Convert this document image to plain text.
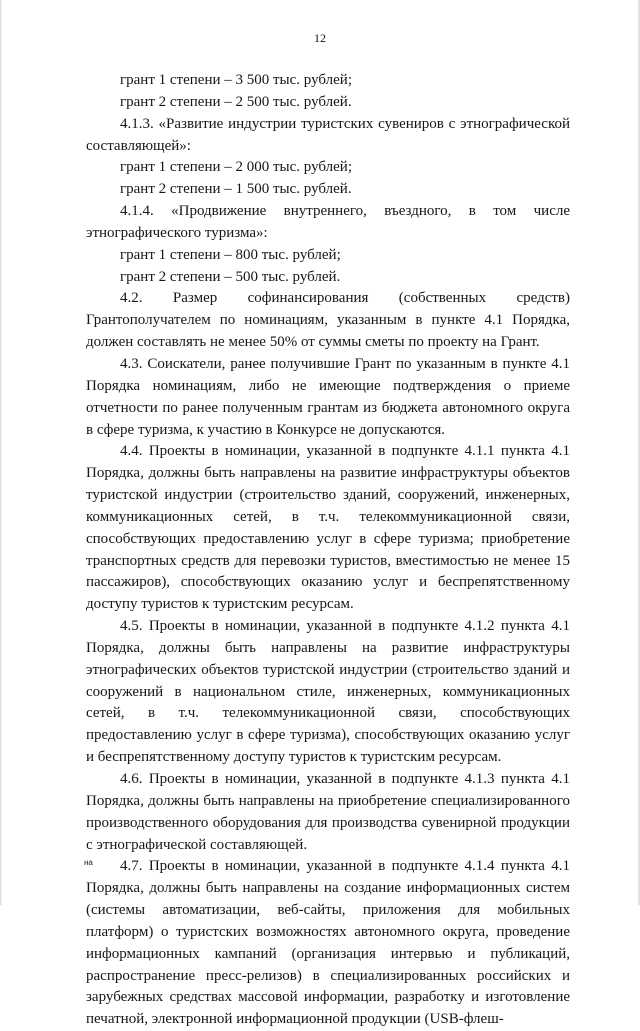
12

грант 1 степени – 3 500 тыс. рублей;

грант 2 степени – 2 500 тыс. рублей.

4.1.3. «Развитие индустрии туристских сувениров с этнографической составляющей»:

грант 1 степени – 2 000 тыс. рублей;

грант 2 степени – 1 500 тыс. рублей.

4.1.4. «Продвижение внутреннего, въездного, в том числе этнографического туризма»:

грант 1 степени – 800 тыс. рублей;

грант 2 степени – 500 тыс. рублей.

4.2. Размер софинансирования (собственных средств) Грантополучателем по номинациям, указанным в пункте 4.1 Порядка, должен составлять не менее 50% от суммы сметы по проекту на Грант.

4.3. Соискатели, ранее получившие Грант по указанным в пункте 4.1 Порядка номинациям, либо не имеющие подтверждения о приеме отчетности по ранее полученным грантам из бюджета автономного округа в сфере туризма, к участию в Конкурсе не допускаются.

4.4. Проекты в номинации, указанной в подпункте 4.1.1 пункта 4.1 Порядка, должны быть направлены на развитие инфраструктуры объектов туристской индустрии (строительство зданий, сооружений, инженерных, коммуникационных сетей, в т.ч. телекоммуникационной связи, способствующих предоставлению услуг в сфере туризма; приобретение транспортных средств для перевозки туристов, вместимостью не менее 15 пассажиров), способствующих оказанию услуг и беспрепятственному доступу туристов к туристским ресурсам.

4.5. Проекты в номинации, указанной в подпункте 4.1.2 пункта 4.1 Порядка, должны быть направлены на развитие инфраструктуры этнографических объектов туристской индустрии (строительство зданий и сооружений в национальном стиле, инженерных, коммуникационных сетей, в т.ч. телекоммуникационной связи, способствующих предоставлению услуг в сфере туризма), способствующих оказанию услуг и беспрепятственному доступу туристов к туристским ресурсам.

4.6. Проекты в номинации, указанной в подпункте 4.1.3 пункта 4.1 Порядка, должны быть направлены на приобретение специализированного производственного оборудования для производства сувенирной продукции с этнографической составляющей.

4.7. Проекты в номинации, указанной в подпункте 4.1.4 пункта 4.1 Порядка, должны быть направлены на создание информационных систем (системы автоматизации, веб-сайты, приложения для мобильных платформ) о туристских возможностях автономного округа, проведение информационных кампаний (организация интервью и публикаций, распространение пресс-релизов) в специализированных российских и зарубежных средствах массовой информации, разработку и изготовление печатной, электронной информационной продукции (USB-флеш-

на
